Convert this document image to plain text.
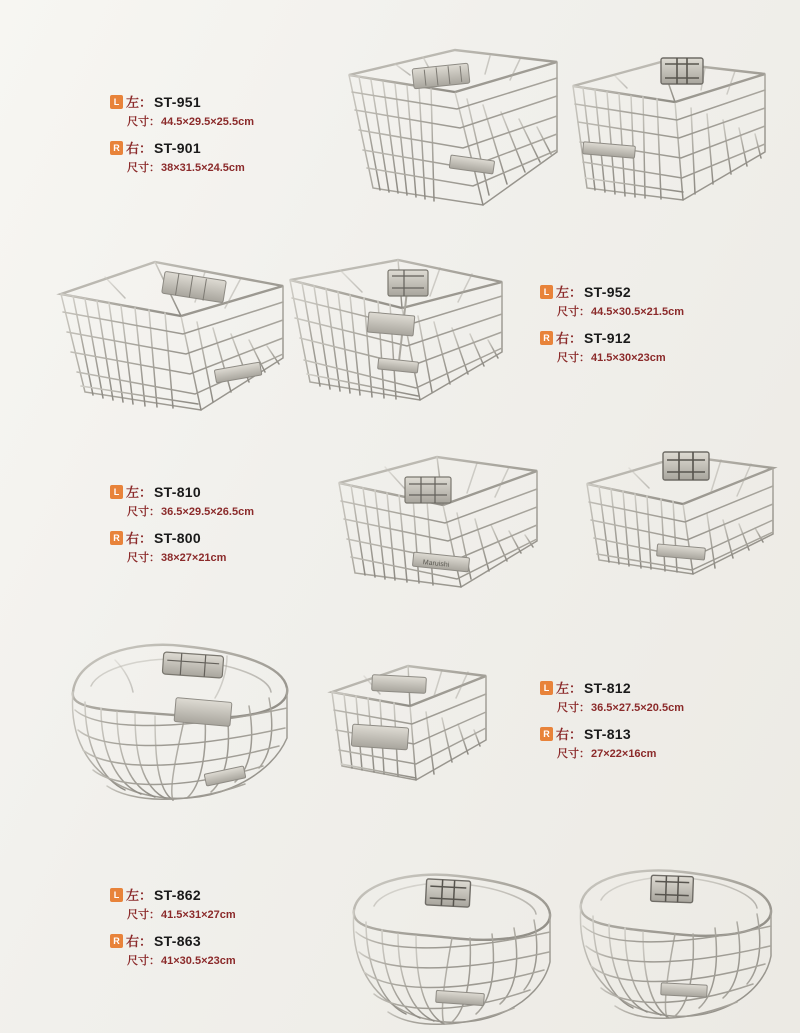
L 左： ST-951
尺寸：44.5×29.5×25.5cm
R 右： ST-901
尺寸：38×31.5×24.5cm
L 左： ST-952
尺寸：44.5×30.5×21.5cm
R 右： ST-912
尺寸：41.5×30×23cm
L 左： ST-810
尺寸：36.5×29.5×26.5cm
R 右： ST-800
尺寸：38×27×21cm	Maruishi
L 左： ST-812
尺寸：36.5×27.5×20.5cm
R 右： ST-813
尺寸：27×22×16cm
L 左： ST-862
尺寸：41.5×31×27cm
R 右： ST-863
尺寸：41×30.5×23cm
